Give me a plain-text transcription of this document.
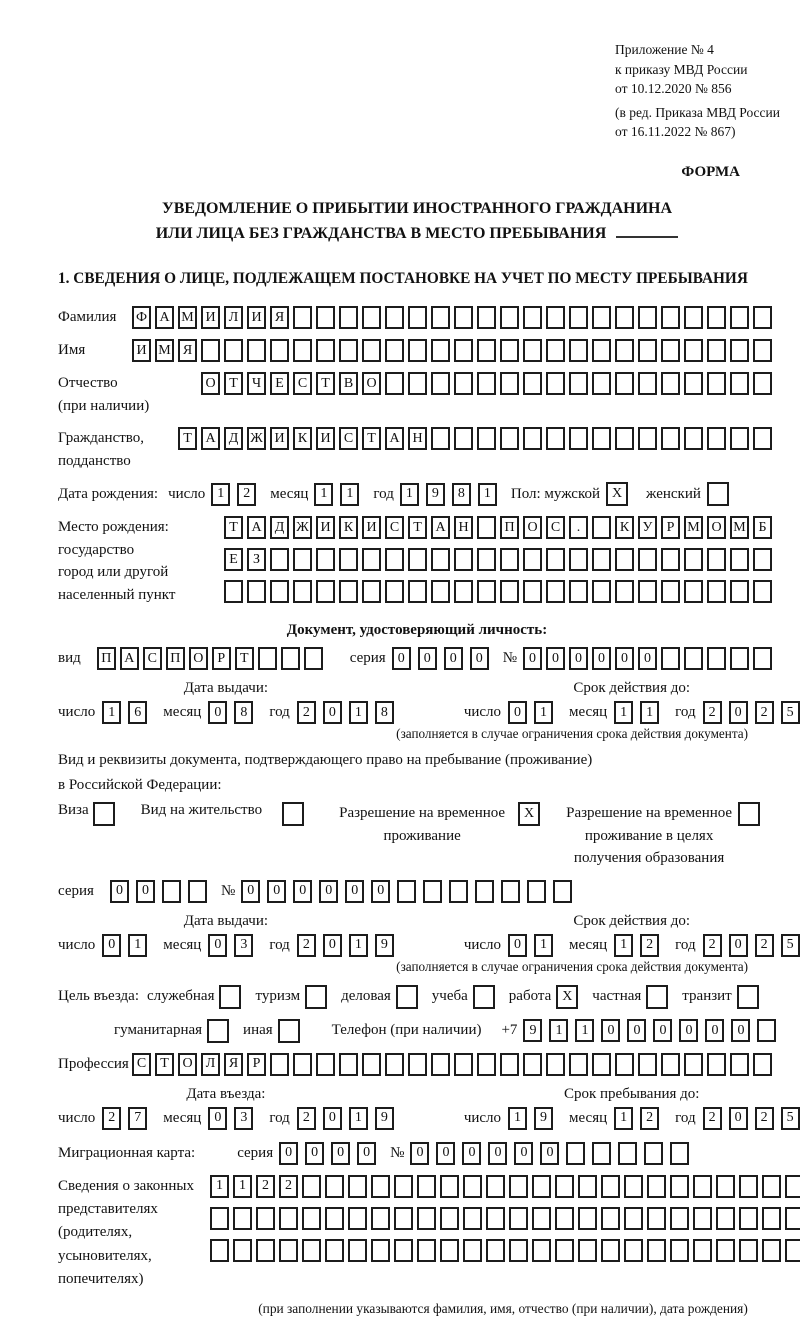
Приложение № 4
к приказу МВД России
от 10.12.2020 № 856
(в ред. Приказа МВД России
от 16.11.2022 № 867)
ФОРМА
УВЕДОМЛЕНИЕ О ПРИБЫТИИ ИНОСТРАННОГО ГРАЖДАНИНА
ИЛИ ЛИЦА БЕЗ ГРАЖДАНСТВА В МЕСТО ПРЕБЫВАНИЯ
1. СВЕДЕНИЯ О ЛИЦЕ, ПОДЛЕЖАЩЕМ ПОСТАНОВКЕ НА УЧЕТ ПО МЕСТУ ПРЕБЫВАНИЯ
Фамилия Ф А М И Л И Я
Имя	И М Я
Отчество
(при наличии)
О Т	Ч	Е	С	Т	В О
Гражданство,
подданство
Т А Д Ж И К И С	Т А Н
Дата рождения: число 1	2	месяц 1	1	год 1	9	8	1	Пол: мужской X	женский
Место рождения:
государство
город или другой
населенный пункт
Т А Д Ж И К И С	Т А Н	П О С	.	К У	Р М О М Б
Е	З
Документ, удостоверяющий личность:
вид	П А С П О	Р	Т	серия 0	0	0	0	№ 0	0	0	0	0	0
Дата выдачи:
число 1	6	месяц 0	8	год 2	0	1	8
Срок действия до:
число 0	1	месяц 1	1	год 2	0	2	5
(заполняется в случае ограничения срока действия документа)
Вид и реквизиты документа, подтверждающего право на пребывание (проживание)
в Российской Федерации:
Виза	Вид на жительство	Разрешение на временное проживание
X	Разрешение на временное проживание в целях получения образования
серия	0	0	№ 0	0	0	0	0	0
Дата выдачи:
число 0	1	месяц 0	3	год 2	0	1	9
Срок действия до:
число 0	1	месяц 1	2	год 2	0	2	5
(заполняется в случае ограничения срока действия документа)
Цель въезда: служебная	туризм	деловая	учеба	работа X	частная	транзит
гуманитарная	иная	Телефон (при наличии) +7 9	1	1	0	0	0	0	0	0
Профессия С	Т О Л Я	Р
Дата въезда:
число 2	7	месяц 0	3	год 2	0	1	9
Срок пребывания до:
число 1	9	месяц 1	2	год 2	0	2	5
Миграционная карта:	серия 0	0	0	0	№ 0	0	0	0	0	0
Сведения о законных представителях (родителях, усыновителях, попечителях)
1	1	2	2
(при заполнении указываются фамилия, имя, отчество (при наличии), дата рождения)
